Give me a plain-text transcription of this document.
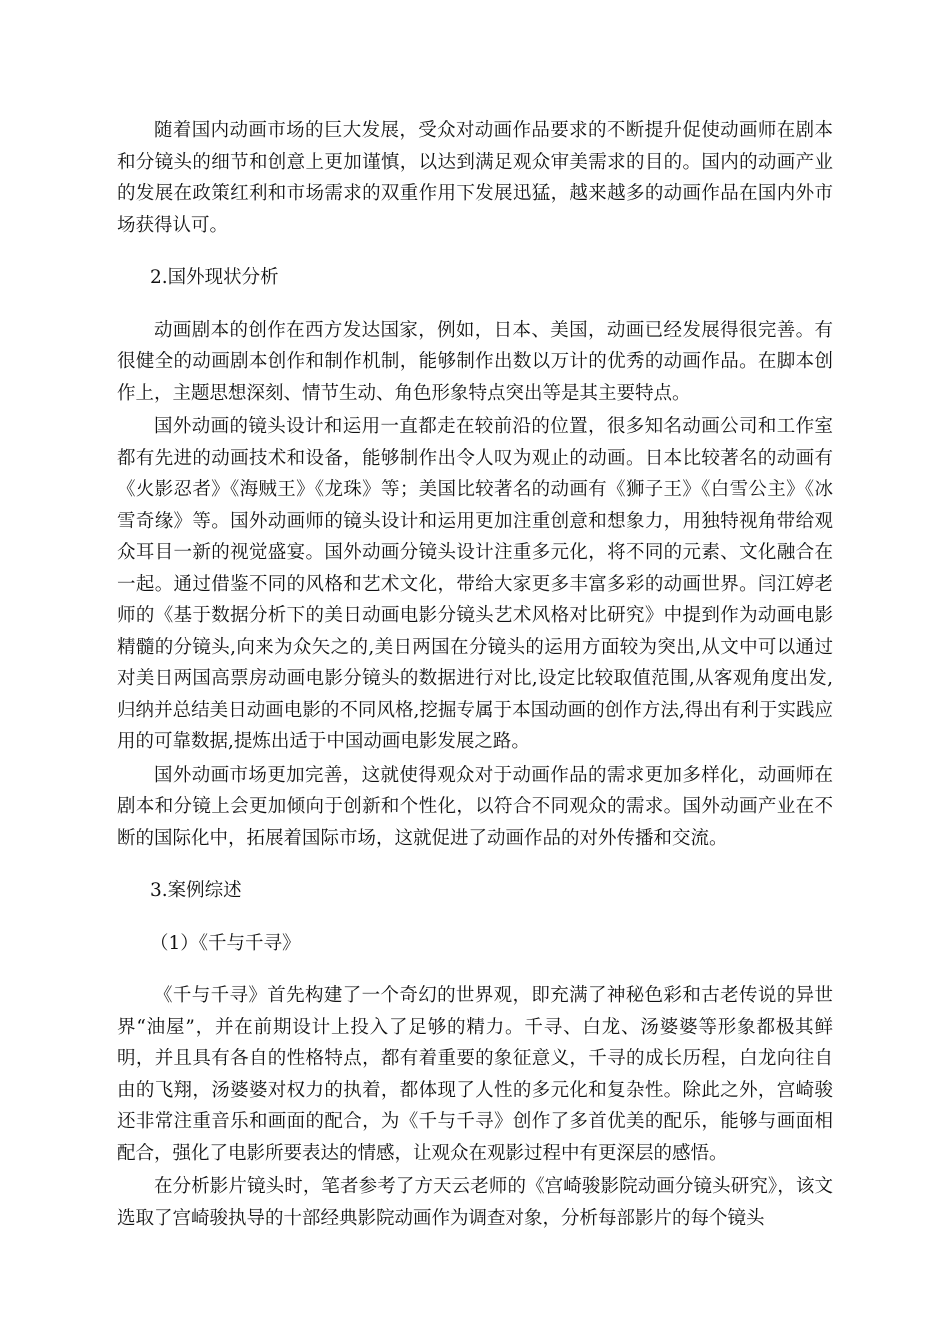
随着国内动画市场的巨大发展，受众对动画作品要求的不断提升促使动画师在剧本和分镜头的细节和创意上更加谨慎，以达到满足观众审美需求的目的。国内的动画产业的发展在政策红利和市场需求的双重作用下发展迅猛，越来越多的动画作品在国内外市场获得认可。

2.国外现状分析

动画剧本的创作在西方发达国家，例如，日本、美国，动画已经发展得很完善。有很健全的动画剧本创作和制作机制，能够制作出数以万计的优秀的动画作品。在脚本创作上，主题思想深刻、情节生动、角色形象特点突出等是其主要特点。

国外动画的镜头设计和运用一直都走在较前沿的位置，很多知名动画公司和工作室都有先进的动画技术和设备，能够制作出令人叹为观止的动画。日本比较著名的动画有《火影忍者》《海贼王》《龙珠》等；美国比较著名的动画有《狮子王》《白雪公主》《冰雪奇缘》等。国外动画师的镜头设计和运用更加注重创意和想象力，用独特视角带给观众耳目一新的视觉盛宴。国外动画分镜头设计注重多元化，将不同的元素、文化融合在一起。通过借鉴不同的风格和艺术文化，带给大家更多丰富多彩的动画世界。闫江婷老师的《基于数据分析下的美日动画电影分镜头艺术风格对比研究》中提到作为动画电影精髓的分镜头,向来为众矢之的,美日两国在分镜头的运用方面较为突出,从文中可以通过对美日两国高票房动画电影分镜头的数据进行对比,设定比较取值范围,从客观角度出发,归纳并总结美日动画电影的不同风格,挖掘专属于本国动画的创作方法,得出有利于实践应用的可靠数据,提炼出适于中国动画电影发展之路。

国外动画市场更加完善，这就使得观众对于动画作品的需求更加多样化，动画师在剧本和分镜上会更加倾向于创新和个性化，以符合不同观众的需求。国外动画产业在不断的国际化中，拓展着国际市场，这就促进了动画作品的对外传播和交流。

3.案例综述

（1）《千与千寻》

《千与千寻》首先构建了一个奇幻的世界观，即充满了神秘色彩和古老传说的异世界“油屋”，并在前期设计上投入了足够的精力。千寻、白龙、汤婆婆等形象都极其鲜明，并且具有各自的性格特点，都有着重要的象征意义，千寻的成长历程，白龙向往自由的飞翔，汤婆婆对权力的执着，都体现了人性的多元化和复杂性。除此之外，宫崎骏还非常注重音乐和画面的配合，为《千与千寻》创作了多首优美的配乐，能够与画面相配合，强化了电影所要表达的情感，让观众在观影过程中有更深层的感悟。

在分析影片镜头时，笔者参考了方天云老师的《宫崎骏影院动画分镜头研究》，该文选取了宫崎骏执导的十部经典影院动画作为调查对象，分析每部影片的每个镜头
